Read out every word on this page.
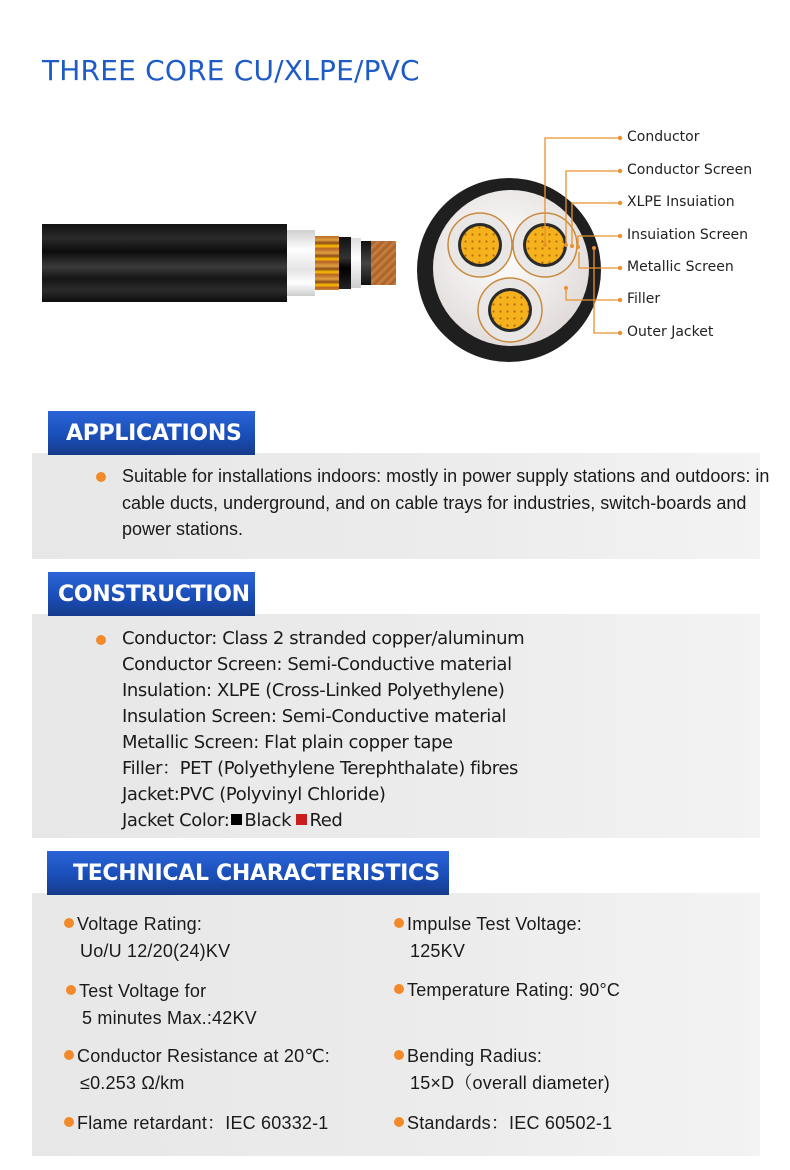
THREE CORE CU/XLPE/PVC
Conductor
Conductor Screen
XLPE Insuiation
Insuiation Screen
Metallic Screen
Filler
Outer Jacket
Suitable for installations indoors: mostly in power supply stations and outdoors: in cable ducts, underground, and on cable trays for industries, switch-boards and power stations.
APPLICATIONS
Conductor: Class 2 stranded copper/aluminum
Conductor Screen: Semi-Conductive material
Insulation: XLPE (Cross-Linked Polyethylene)
Insulation Screen: Semi-Conductive material
Metallic Screen: Flat plain copper tape
Filler：PET (Polyethylene Terephthalate) fibres
Jacket:PVC (Polyvinyl Chloride)
Jacket Color: Black Red
CONSTRUCTION
Voltage Rating:
Uo/U 12/20(24)KV
Impulse Test Voltage:
125KV
Test Voltage for
5 minutes Max.:42KV
Temperature Rating: 90°C
Conductor Resistance at 20℃:
≤0.253 Ω/km
Bending Radius:
15×D（overall diameter)
Flame retardant：IEC 60332-1	Standards：IEC 60502-1
TECHNICAL CHARACTERISTICS
